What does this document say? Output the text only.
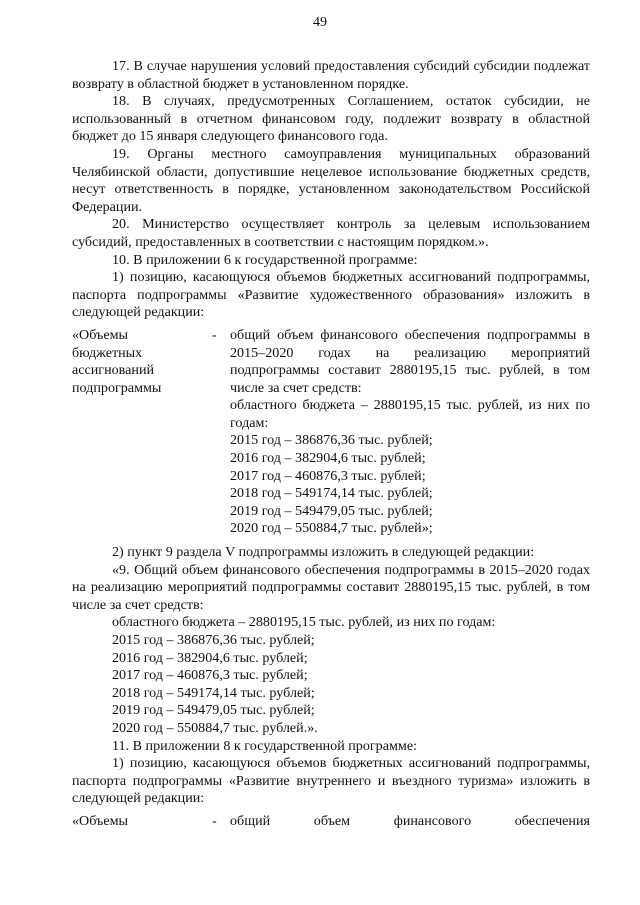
49

17. В случае нарушения условий предоставления субсидий субсидии подлежат возврату в областной бюджет в установленном порядке.

18. В случаях, предусмотренных Соглашением, остаток субсидии, не использованный в отчетном финансовом году, подлежит возврату в областной бюджет до 15 января следующего финансового года.

19. Органы местного самоуправления муниципальных образований Челябинской области, допустившие нецелевое использование бюджетных средств, несут ответственность в порядке, установленном законодательством Российской Федерации.

20. Министерство осуществляет контроль за целевым использованием субсидий, предоставленных в соответствии с настоящим порядком.».

10. В приложении 6 к государственной программе:

1) позицию, касающуюся объемов бюджетных ассигнований подпрограммы, паспорта подпрограммы «Развитие художественного образования» изложить в следующей редакции:

«Объемы
бюджетных
ассигнований
подпрограммы
- общий объем финансового обеспечения подпрограммы в 2015–2020 годах на реализацию мероприятий подпрограммы составит 2880195,15 тыс. рублей, в том числе за счет средств:

областного бюджета – 2880195,15 тыс. рублей, из них по годам:

2015 год – 386876,36 тыс. рублей;
2016 год – 382904,6 тыс. рублей;
2017 год – 460876,3 тыс. рублей;
2018 год – 549174,14 тыс. рублей;
2019 год – 549479,05 тыс. рублей;
2020 год – 550884,7 тыс. рублей»;

2) пункт 9 раздела V подпрограммы изложить в следующей редакции:

«9. Общий объем финансового обеспечения подпрограммы в 2015–2020 годах на реализацию мероприятий подпрограммы составит 2880195,15 тыс. рублей, в том числе за счет средств:

областного бюджета – 2880195,15 тыс. рублей, из них по годам:

2015 год – 386876,36 тыс. рублей;
2016 год – 382904,6 тыс. рублей;
2017 год – 460876,3 тыс. рублей;
2018 год – 549174,14 тыс. рублей;
2019 год – 549479,05 тыс. рублей;
2020 год – 550884,7 тыс. рублей.».

11. В приложении 8 к государственной программе:

1) позицию, касающуюся объемов бюджетных ассигнований подпрограммы, паспорта подпрограммы «Развитие внутреннего и въездного туризма» изложить в следующей редакции:

«Объемы	- общий объем финансового обеспечения
